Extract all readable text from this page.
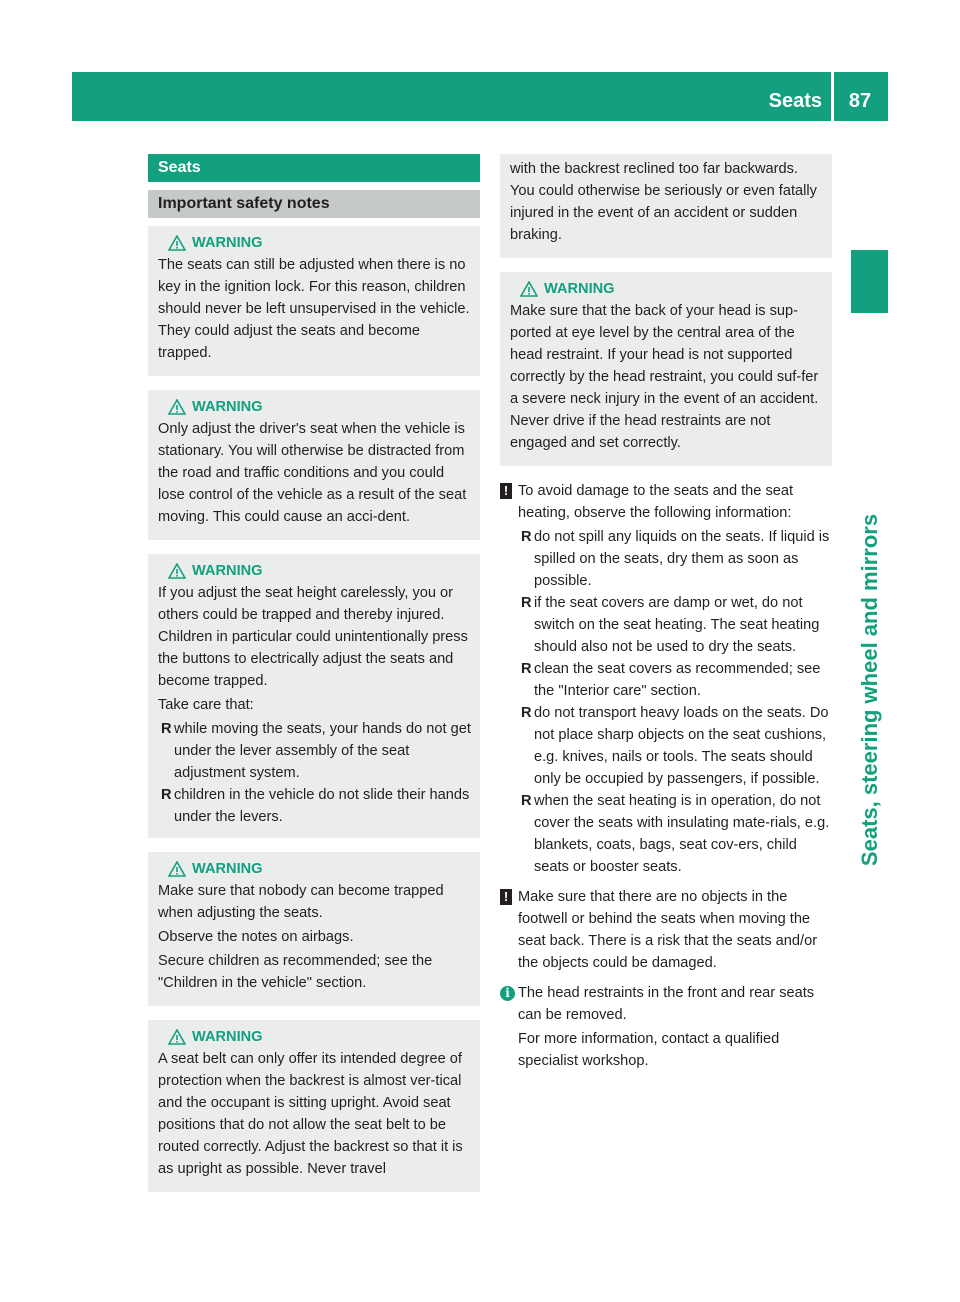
Seats	87
Seats, steering wheel and mirrors
Seats
Important safety notes
WARNING
The seats can still be adjusted when there is no key in the ignition lock. For this reason, children should never be left unsupervised in the vehicle. They could adjust the seats and become trapped.
WARNING
Only adjust the driver's seat when the vehicle is stationary. You will otherwise be distracted from the road and traffic conditions and you could lose control of the vehicle as a result of the seat moving. This could cause an acci-dent.
WARNING
If you adjust the seat height carelessly, you or others could be trapped and thereby injured. Children in particular could unintentionally press the buttons to electrically adjust the seats and become trapped.
Take care that:
R while moving the seats, your hands do not get under the lever assembly of the seat adjustment system.
R children in the vehicle do not slide their hands under the levers.
WARNING
Make sure that nobody can become trapped when adjusting the seats.
Observe the notes on airbags.
Secure children as recommended; see the "Children in the vehicle" section.
WARNING
A seat belt can only offer its intended degree of protection when the backrest is almost ver-tical and the occupant is sitting upright. Avoid seat positions that do not allow the seat belt to be routed correctly. Adjust the backrest so that it is as upright as possible. Never travel
with the backrest reclined too far backwards. You could otherwise be seriously or even fatally injured in the event of an accident or sudden braking.
WARNING
Make sure that the back of your head is sup-ported at eye level by the central area of the head restraint. If your head is not supported correctly by the head restraint, you could suf-fer a severe neck injury in the event of an accident. Never drive if the head restraints are not engaged and set correctly.
! To avoid damage to the seats and the seat heating, observe the following information:
R do not spill any liquids on the seats. If liquid is spilled on the seats, dry them as soon as possible.
R if the seat covers are damp or wet, do not switch on the seat heating. The seat heating should also not be used to dry the seats.
R clean the seat covers as recommended; see the "Interior care" section.
R do not transport heavy loads on the seats. Do not place sharp objects on the seat cushions, e.g. knives, nails or tools. The seats should only be occupied by passengers, if possible.
R when the seat heating is in operation, do not cover the seats with insulating mate-rials, e.g. blankets, coats, bags, seat cov-ers, child seats or booster seats.
! Make sure that there are no objects in the footwell or behind the seats when moving the seat back. There is a risk that the seats and/or the objects could be damaged.
i The head restraints in the front and rear seats can be removed.
For more information, contact a qualified specialist workshop.
